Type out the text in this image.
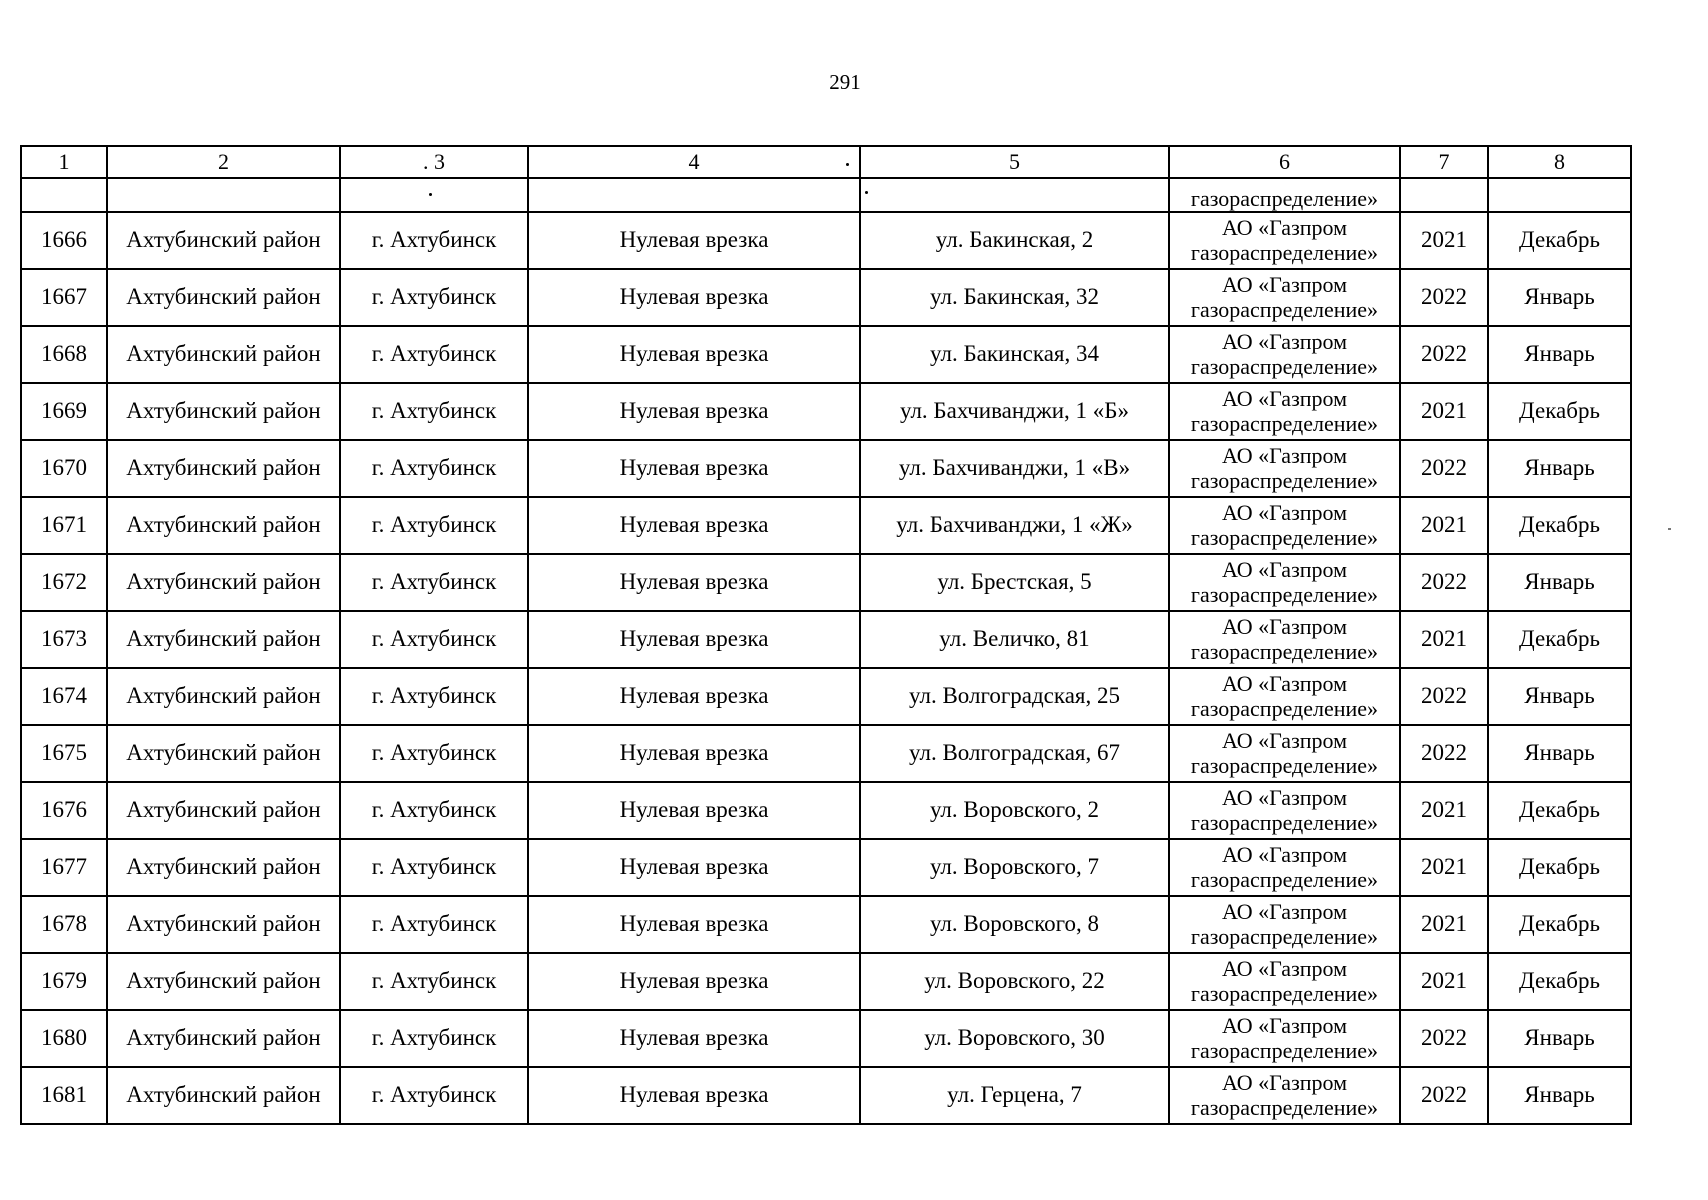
291
1	2	. 3	4	5	6	7	8
					газораспределение»		
1666	Ахтубинский район	г. Ахтубинск	Нулевая врезка	ул. Бакинская, 2	АО «Газпром
газораспределение»	2021	Декабрь
1667	Ахтубинский район	г. Ахтубинск	Нулевая врезка	ул. Бакинская, 32	АО «Газпром
газораспределение»	2022	Январь
1668	Ахтубинский район	г. Ахтубинск	Нулевая врезка	ул. Бакинская, 34	АО «Газпром
газораспределение»	2022	Январь
1669	Ахтубинский район	г. Ахтубинск	Нулевая врезка	ул. Бахчиванджи, 1 «Б»	АО «Газпром
газораспределение»	2021	Декабрь
1670	Ахтубинский район	г. Ахтубинск	Нулевая врезка	ул. Бахчиванджи, 1 «В»	АО «Газпром
газораспределение»	2022	Январь
1671	Ахтубинский район	г. Ахтубинск	Нулевая врезка	ул. Бахчиванджи, 1 «Ж»	АО «Газпром
газораспределение»	2021	Декабрь
1672	Ахтубинский район	г. Ахтубинск	Нулевая врезка	ул. Брестская, 5	АО «Газпром
газораспределение»	2022	Январь
1673	Ахтубинский район	г. Ахтубинск	Нулевая врезка	ул. Величко, 81	АО «Газпром
газораспределение»	2021	Декабрь
1674	Ахтубинский район	г. Ахтубинск	Нулевая врезка	ул. Волгоградская, 25	АО «Газпром
газораспределение»	2022	Январь
1675	Ахтубинский район	г. Ахтубинск	Нулевая врезка	ул. Волгоградская, 67	АО «Газпром
газораспределение»	2022	Январь
1676	Ахтубинский район	г. Ахтубинск	Нулевая врезка	ул. Воровского, 2	АО «Газпром
газораспределение»	2021	Декабрь
1677	Ахтубинский район	г. Ахтубинск	Нулевая врезка	ул. Воровского, 7	АО «Газпром
газораспределение»	2021	Декабрь
1678	Ахтубинский район	г. Ахтубинск	Нулевая врезка	ул. Воровского, 8	АО «Газпром
газораспределение»	2021	Декабрь
1679	Ахтубинский район	г. Ахтубинск	Нулевая врезка	ул. Воровского, 22	АО «Газпром
газораспределение»	2021	Декабрь
1680	Ахтубинский район	г. Ахтубинск	Нулевая врезка	ул. Воровского, 30	АО «Газпром
газораспределение»	2022	Январь
1681	Ахтубинский район	г. Ахтубинск	Нулевая врезка	ул. Герцена, 7	АО «Газпром
газораспределение»	2022	Январь
